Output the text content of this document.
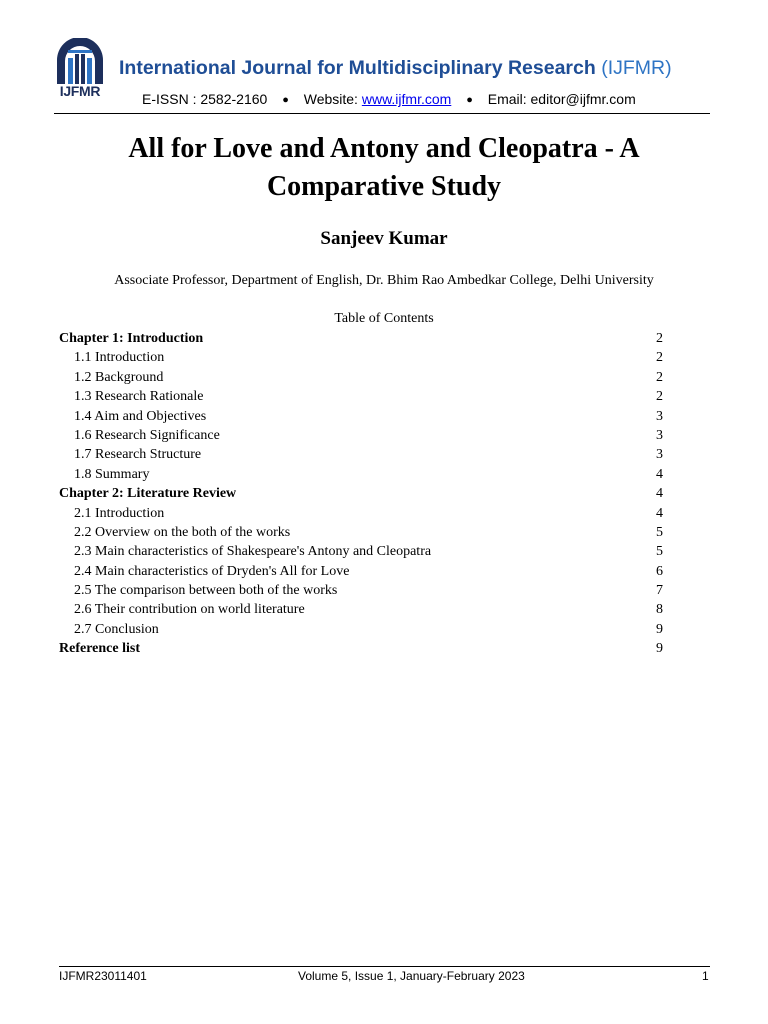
IJFMR
International Journal for Multidisciplinary Research (IJFMR)
E-ISSN : 2582-2160 ● Website: www.ijfmr.com ● Email: editor@ijfmr.com
All for Love and Antony and Cleopatra - A
Comparative Study
Sanjeev Kumar
Associate Professor, Department of English, Dr. Bhim Rao Ambedkar College, Delhi University
Table of Contents
Chapter 1: Introduction	2
1.1 Introduction	2
1.2 Background	2
1.3 Research Rationale	2
1.4 Aim and Objectives	3
1.6 Research Significance	3
1.7 Research Structure	3
1.8 Summary	4
Chapter 2: Literature Review	4
2.1 Introduction	4
2.2 Overview on the both of the works	5
2.3 Main characteristics of Shakespeare's Antony and Cleopatra	5
2.4 Main characteristics of Dryden's All for Love	6
2.5 The comparison between both of the works	7
2.6 Their contribution on world literature	8
2.7 Conclusion	9
Reference list	9
IJFMR23011401	Volume 5, Issue 1, January-February 2023	1
